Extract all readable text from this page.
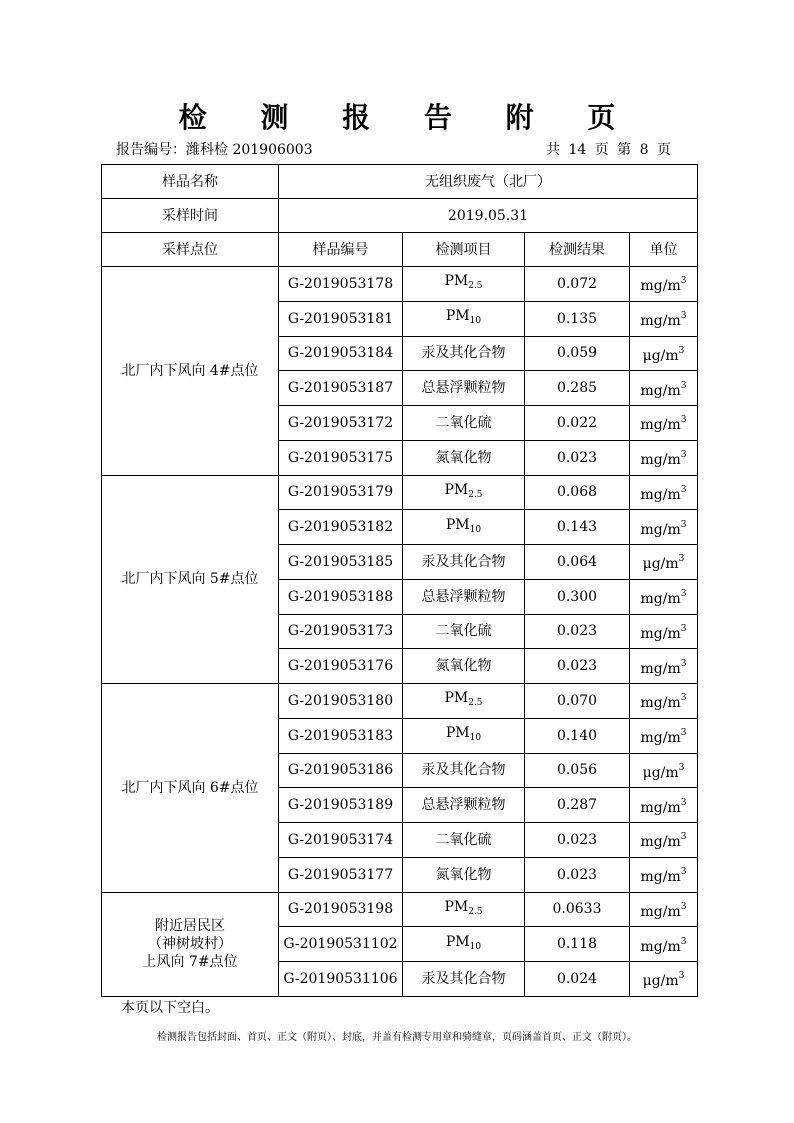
检 测 报 告 附 页
报告编号：潍科检 201906003	共 14 页 第 8 页
样品名称	无组织废气（北厂）			
采样时间	2019.05.31			
采样点位	样品编号	检测项目	检测结果	单位
北厂内下风向 4#点位	G-2019053178	$PM_{2.5}$	0.072	$mg/m^3$
	G-2019053181	$PM_{10}$	0.135	$mg/m^3$
	G-2019053184	汞及其化合物	0.059	$\mu g/m^3$
	G-2019053187	总悬浮颗粒物	0.285	$mg/m^3$
	G-2019053172	二氧化硫	0.022	$mg/m^3$
	G-2019053175	氮氧化物	0.023	$mg/m^3$
北厂内下风向 5#点位	G-2019053179	$PM_{2.5}$	0.068	$mg/m^3$
	G-2019053182	$PM_{10}$	0.143	$mg/m^3$
	G-2019053185	汞及其化合物	0.064	$\mu g/m^3$
	G-2019053188	总悬浮颗粒物	0.300	$mg/m^3$
	G-2019053173	二氧化硫	0.023	$mg/m^3$
	G-2019053176	氮氧化物	0.023	$mg/m^3$
北厂内下风向 6#点位	G-2019053180	$PM_{2.5}$	0.070	$mg/m^3$
	G-2019053183	$PM_{10}$	0.140	$mg/m^3$
	G-2019053186	汞及其化合物	0.056	$\mu g/m^3$
	G-2019053189	总悬浮颗粒物	0.287	$mg/m^3$
	G-2019053174	二氧化硫	0.023	$mg/m^3$
	G-2019053177	氮氧化物	0.023	$mg/m^3$

附近居民区
（神树坡村）
上风向 7#点位	G-2019053198	$PM_{2.5}$	0.0633	$mg/m^3$
	G-20190531102	$PM_{10}$	0.118	$mg/m^3$
	G-20190531106	汞及其化合物	0.024	$\mu g/m^3$
本页以下空白。
检测报告包括封面、首页、正文（附页）、封底，并盖有检测专用章和骑缝章，页码涵盖首页、正文（附页）。
